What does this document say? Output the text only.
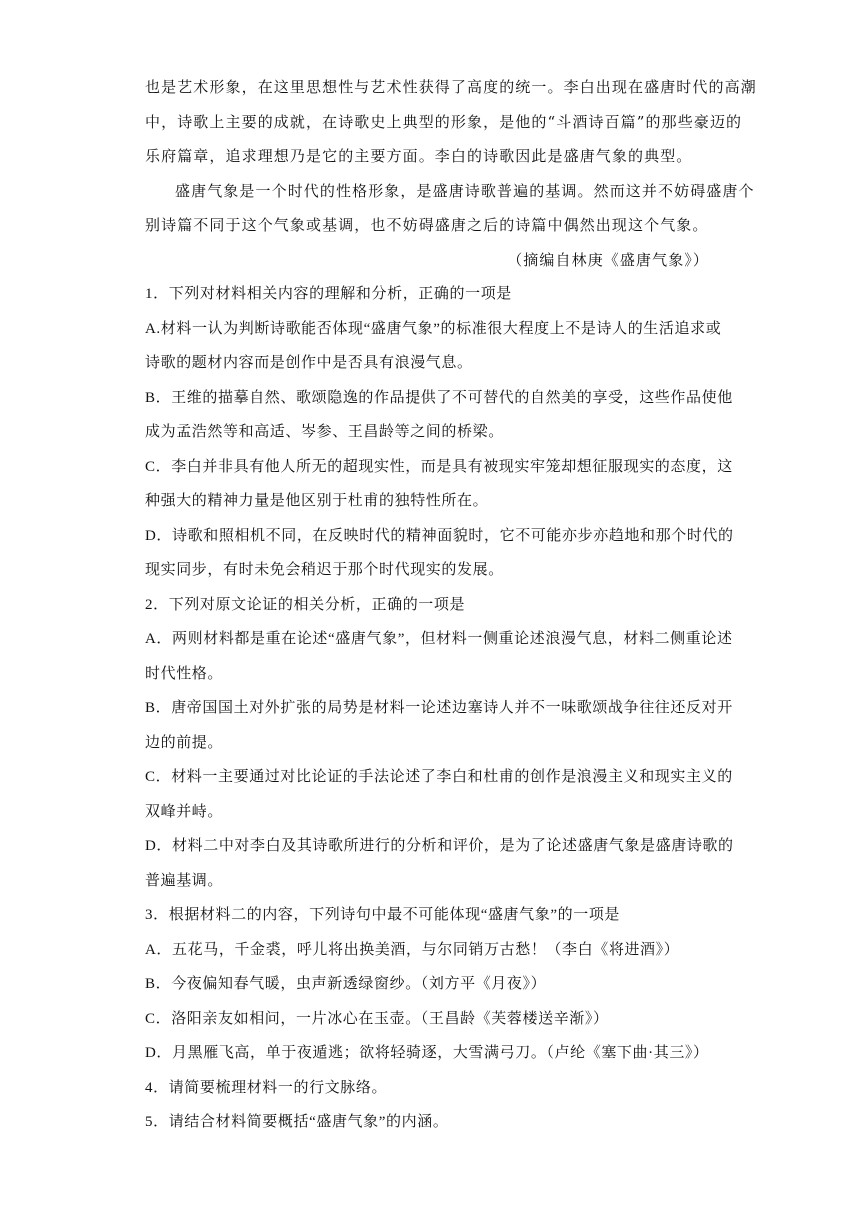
也是艺术形象，在这里思想性与艺术性获得了高度的统一。李白出现在盛唐时代的高潮
中，诗歌上主要的成就，在诗歌史上典型的形象，是他的“斗酒诗百篇”的那些豪迈的
乐府篇章，追求理想乃是它的主要方面。李白的诗歌因此是盛唐气象的典型。
盛唐气象是一个时代的性格形象，是盛唐诗歌普遍的基调。然而这并不妨碍盛唐个
别诗篇不同于这个气象或基调，也不妨碍盛唐之后的诗篇中偶然出现这个气象。
（摘编自林庚《盛唐气象》）
1．下列对材料相关内容的理解和分析，正确的一项是
A.材料一认为判断诗歌能否体现“盛唐气象”的标准很大程度上不是诗人的生活追求或
诗歌的题材内容而是创作中是否具有浪漫气息。
B．王维的描摹自然、歌颂隐逸的作品提供了不可替代的自然美的享受，这些作品使他
成为孟浩然等和高适、岑参、王昌龄等之间的桥梁。
C．李白并非具有他人所无的超现实性，而是具有被现实牢笼却想征服现实的态度，这
种强大的精神力量是他区别于杜甫的独特性所在。
D．诗歌和照相机不同，在反映时代的精神面貌时，它不可能亦步亦趋地和那个时代的
现实同步，有时未免会稍迟于那个时代现实的发展。
2．下列对原文论证的相关分析，正确的一项是
A．两则材料都是重在论述“盛唐气象”，但材料一侧重论述浪漫气息，材料二侧重论述
时代性格。
B．唐帝国国土对外扩张的局势是材料一论述边塞诗人并不一味歌颂战争往往还反对开
边的前提。
C．材料一主要通过对比论证的手法论述了李白和杜甫的创作是浪漫主义和现实主义的
双峰并峙。
D．材料二中对李白及其诗歌所进行的分析和评价，是为了论述盛唐气象是盛唐诗歌的
普遍基调。
3．根据材料二的内容，下列诗句中最不可能体现“盛唐气象”的一项是
A．五花马，千金裘，呼儿将出换美酒，与尔同销万古愁！（李白《将进酒》）
B．今夜偏知春气暖，虫声新透绿窗纱。（刘方平《月夜》）
C．洛阳亲友如相问，一片冰心在玉壶。（王昌龄《芙蓉楼送辛渐》）
D．月黑雁飞高，单于夜遁逃；欲将轻骑逐，大雪满弓刀。（卢纶《塞下曲·其三》）
4．请简要梳理材料一的行文脉络。
5．请结合材料简要概括“盛唐气象”的内涵。
